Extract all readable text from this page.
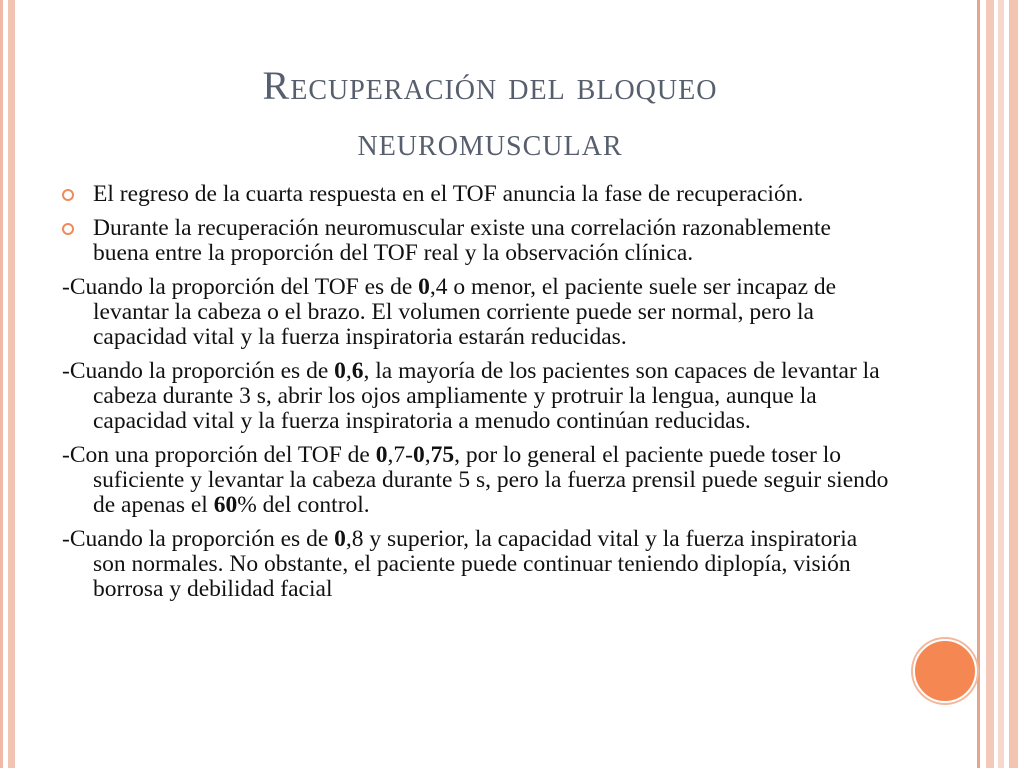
Recuperación del bloqueo
neuromuscular
El regreso de la cuarta respuesta en el TOF anuncia la fase de recuperación.
Durante la recuperación neuromuscular existe una correlación razonablemente buena entre la proporción del TOF real y la observación clínica.
-Cuando la proporción del TOF es de 0,4 o menor, el paciente suele ser incapaz de levantar la cabeza o el brazo. El volumen corriente puede ser normal, pero la capacidad vital y la fuerza inspiratoria estarán reducidas.
-Cuando la proporción es de 0,6, la mayoría de los pacientes son capaces de levantar la cabeza durante 3 s, abrir los ojos ampliamente y protruir la lengua, aunque la capacidad vital y la fuerza inspiratoria a menudo continúan reducidas.
-Con una proporción del TOF de 0,7-0,75, por lo general el paciente puede toser lo suficiente y levantar la cabeza durante 5 s, pero la fuerza prensil puede seguir siendo de apenas el 60% del control.
-Cuando la proporción es de 0,8 y superior, la capacidad vital y la fuerza inspiratoria son normales. No obstante, el paciente puede continuar teniendo diplopía, visión borrosa y debilidad facial
